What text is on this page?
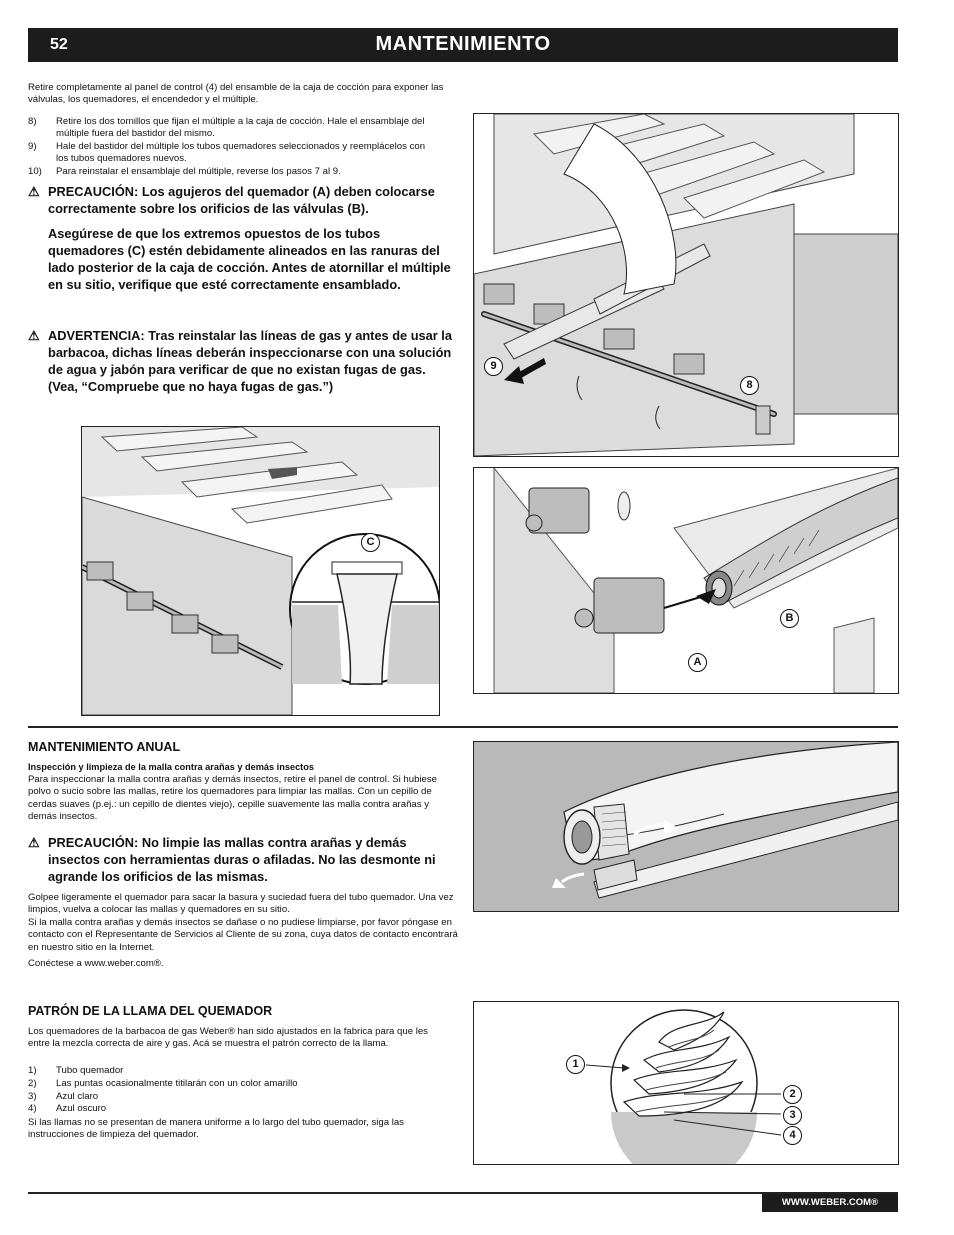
52	MANTENIMIENTO

Retire completamente al panel de control (4) del ensamble de la caja de cocción para exponer las válvulas, los quemadores, el encendedor y el múltiple.

8) Retire los dos tornillos que fijan el múltiple a la caja de cocción. Hale el ensamblaje del múltiple fuera del bastidor del mismo.
9) Hale del bastidor del múltiple los tubos quemadores seleccionados y reemplácelos con los tubos quemadores nuevos.
10) Para reinstalar el ensamblaje del múltiple, reverse los pasos 7 al 9.
⚠ PRECAUCIÓN: Los agujeros del quemador (A) deben colocarse correctamente sobre los orificios de las válvulas (B).
Asegúrese de que los extremos opuestos de los tubos quemadores (C) estén debidamente alineados en las ranuras del lado posterior de la caja de cocción. Antes de atornillar el múltiple en su sitio, verifique que esté correctamente ensamblado.
⚠ ADVERTENCIA: Tras reinstalar las líneas de gas y antes de usar la barbacoa, dichas líneas deberán inspeccionarse con una solución de agua y jabón para verificar de que no existan fugas de gas. (Vea, “Compruebe que no haya fugas de gas.”)
9
8
C
B
A
MANTENIMIENTO ANUAL

Inspección y limpieza de la malla contra arañas y demás insectos

Para inspeccionar la malla contra arañas y demás insectos, retire el panel de control. Si hubiese polvo o sucio sobre las mallas, retire los quemadores para limpiar las mallas. Con un cepillo de cerdas suaves (p.ej.: un cepillo de dientes viejo), cepille suavemente las malla contra arañas y demás insectos.

⚠ PRECAUCIÓN: No limpie las mallas contra arañas y demás insectos con herramientas duras o afiladas. No las desmonte ni agrande los orificios de las mismas.

Golpee ligeramente el quemador para sacar la basura y suciedad fuera del tubo quemador. Una vez limpios, vuelva a colocar las mallas y quemadores en su sitio.

Si la malla contra arañas y demás insectos se dañase o no pudiese limpiarse, por favor póngase en contacto con el Representante de Servicios al Cliente de su zona, cuya datos de contacto encontrará en nuestro sitio en la Internet.

Conéctese a www.weber.com®.

PATRÓN DE LA LLAMA DEL QUEMADOR

Los quemadores de la barbacoa de gas Weber® han sido ajustados en la fabrica para que les entre la mezcla correcta de aire y gas. Acá se muestra el patrón correcto de la llama.

1) Tubo quemador
2) Las puntas ocasionalmente titilarán con un color amarillo
3) Azul claro
4) Azul oscuro

Si las llamas no se presentan de manera uniforme a lo largo del tubo quemador, siga las instrucciones de limpieza del quemador.

1
2
3
4
WWW.WEBER.COM®
